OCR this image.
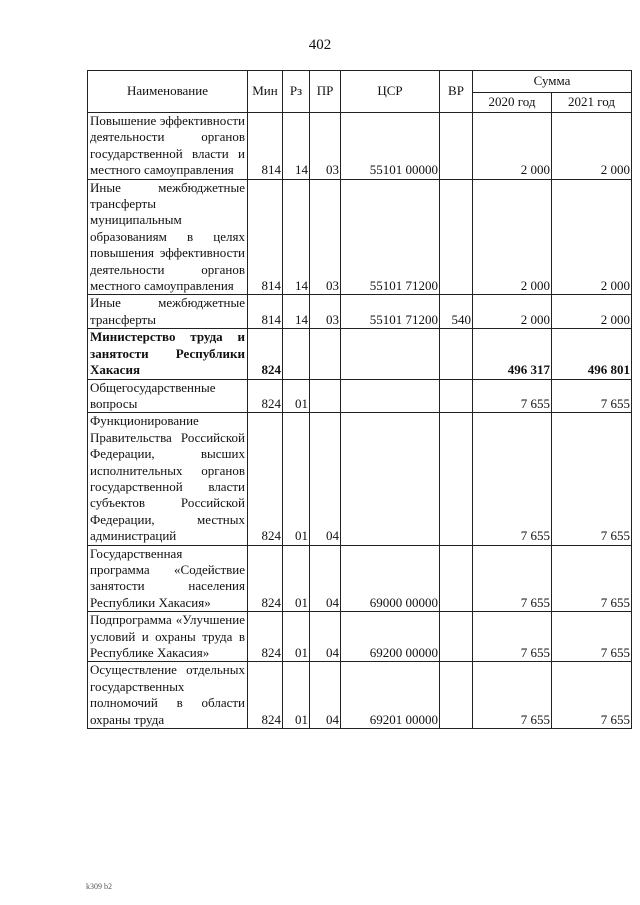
402
Наименование	Мин	Рз	ПР	ЦСР	ВР	Сумма	
						2020 год	2021 год
Повышение эффективности деятельности органов государственной власти и местного самоуправления	814	14	03	55101 00000		2 000	2 000
Иные межбюджетные трансферты муниципальным образованиям в целях повышения эффективности деятельности органов местного самоуправления	814	14	03	55101 71200		2 000	2 000
Иные межбюджетные трансферты	814	14	03	55101 71200	540	2 000	2 000
Министерство труда и занятости Республики Хакасия	824					496 317	496 801
Общегосударственные вопросы	824	01				7 655	7 655
Функционирование Правительства Российской Федерации, высших исполнительных органов государственной власти субъектов Российской Федерации, местных администраций	824	01	04			7 655	7 655
Государственная программа «Содействие занятости населения Республики Хакасия»	824	01	04	69000 00000		7 655	7 655
Подпрограмма «Улучшение условий и охраны труда в Республике Хакасия»	824	01	04	69200 00000		7 655	7 655
Осуществление отдельных государственных полномочий в области охраны труда	824	01	04	69201 00000		7 655	7 655
k309 b2
